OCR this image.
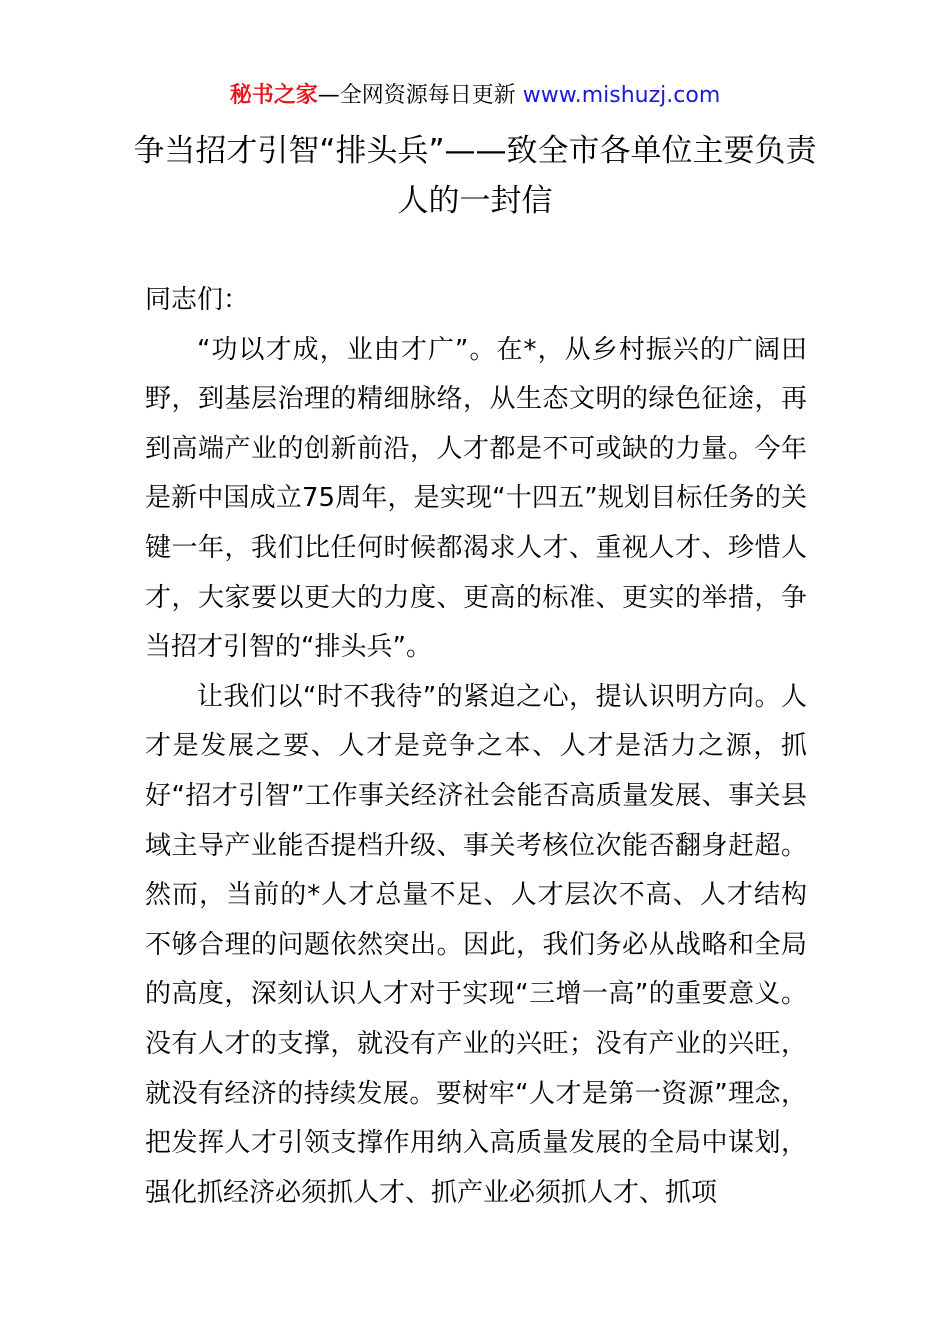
秘书之家—全网资源每日更新 www.mishuzj.com
争当招才引智“排头兵”——致全市各单位主要负责人的一封信

同志们：

“功以才成，业由才广”。在*，从乡村振兴的广阔田野，到基层治理的精细脉络，从生态文明的绿色征途，再到高端产业的创新前沿，人才都是不可或缺的力量。今年是新中国成立75周年，是实现“十四五”规划目标任务的关键一年，我们比任何时候都渴求人才、重视人才、珍惜人才，大家要以更大的力度、更高的标准、更实的举措，争当招才引智的“排头兵”。

让我们以“时不我待”的紧迫之心，提认识明方向。人才是发展之要、人才是竞争之本、人才是活力之源，抓好“招才引智”工作事关经济社会能否高质量发展、事关县域主导产业能否提档升级、事关考核位次能否翻身赶超。然而，当前的*人才总量不足、人才层次不高、人才结构不够合理的问题依然突出。因此，我们务必从战略和全局的高度，深刻认识人才对于实现“三增一高”的重要意义。没有人才的支撑，就没有产业的兴旺；没有产业的兴旺，就没有经济的持续发展。要树牢“人才是第一资源”理念，把发挥人才引领支撑作用纳入高质量发展的全局中谋划，强化抓经济必须抓人才、抓产业必须抓人才、抓项
